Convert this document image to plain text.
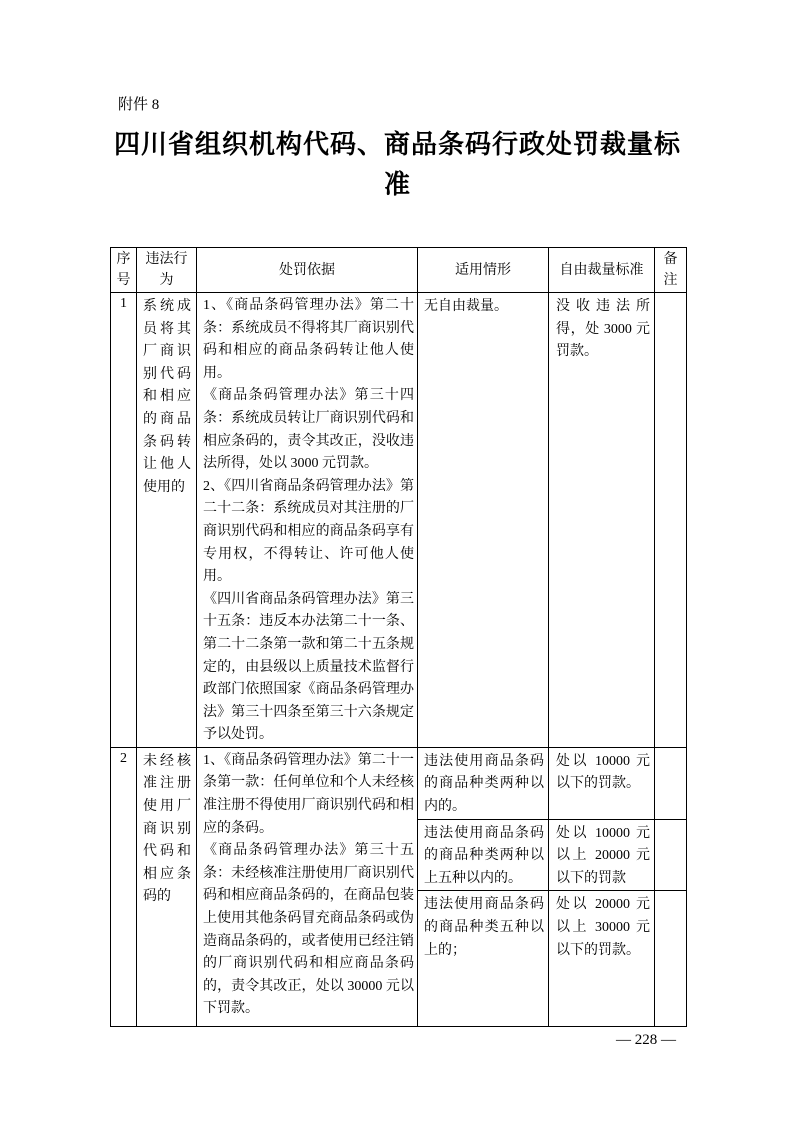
附件 8
四川省组织机构代码、商品条码行政处罚裁量标准
序号	违法行为	处罚依据	适用情形	自由裁量标准	备注
1	系统成员将其厂商识别代码和相应的商品条码转让他人使用的	1、《商品条码管理办法》第二十条：系统成员不得将其厂商识别代码和相应的商品条码转让他人使用。
《商品条码管理办法》第三十四条：系统成员转让厂商识别代码和相应条码的，责令其改正，没收违法所得，处以 3000 元罚款。
2、《四川省商品条码管理办法》第二十二条：系统成员对其注册的厂商识别代码和相应的商品条码享有专用权，不得转让、许可他人使用。
《四川省商品条码管理办法》第三十五条：违反本办法第二十一条、第二十二条第一款和第二十五条规定的，由县级以上质量技术监督行政部门依照国家《商品条码管理办法》第三十四条至第三十六条规定予以处罚。	无自由裁量。	没收违法所得，处 3000 元罚款。	
2	未经核准注册使用厂商识别代码和相应条码的	1、《商品条码管理办法》第二十一条第一款：任何单位和个人未经核准注册不得使用厂商识别代码和相应的条码。
《商品条码管理办法》第三十五条：未经核准注册使用厂商识别代码和相应商品条码的，在商品包装上使用其他条码冒充商品条码或伪造商品条码的，或者使用已经注销的厂商识别代码和相应商品条码的，责令其改正，处以 30000 元以下罚款。	违法使用商品条码的商品种类两种以内的。	处以 10000 元以下的罚款。	
			违法使用商品条码的商品种类两种以上五种以内的。	处以 10000 元以上 20000 元以下的罚款	
			违法使用商品条码的商品种类五种以上的；	处以 20000 元以上 30000 元以下的罚款。	
— 228 —
